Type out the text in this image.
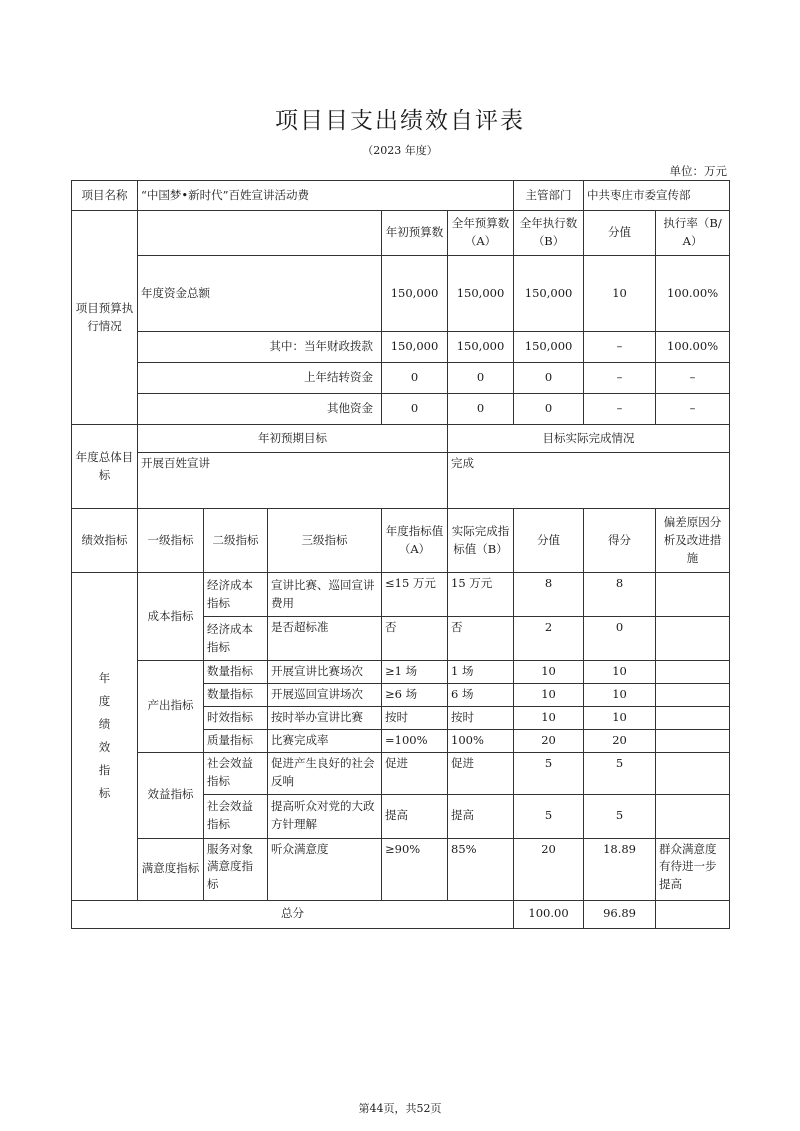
项目目支出绩效自评表
（2023 年度）
单位：万元
项目名称	“中国梦•新时代”百姓宣讲活动费					主管部门	中共枣庄市委宣传部		
项目预算执行情况				年初预算数	全年预算数（A）	全年执行数（B）	分值	执行率（B/A）	
	年度资金总额			150,000	150,000	150,000	10	100.00%	
	其中：当年财政拨款			150,000	150,000	150,000	–	100.00%	
	上年结转资金			0	0	0	–	–	
	其他资金			0	0	0	–	–	
年度总体目标	年初预期目标				目标实际完成情况				
	开展百姓宣讲				完成				
绩效指标	一级指标	二级指标	三级指标	年度指标值（A）	实际完成指标值（B）	分值	得分	偏差原因分析及改进措施	
年度绩效指标	成本指标	经济成本指标	宣讲比赛、巡回宣讲费用	≤15 万元	15 万元	8	8		
		经济成本指标	是否超标准	否	否	2	0		
	产出指标	数量指标	开展宣讲比赛场次	≥1 场	1 场	10	10		
		数量指标	开展巡回宣讲场次	≥6 场	6 场	10	10		
		时效指标	按时举办宣讲比赛	按时	按时	10	10		
		质量指标	比赛完成率	=100%	100%	20	20		
	效益指标	社会效益指标	促进产生良好的社会反响	促进	促进	5	5		
		社会效益指标	提高听众对党的大政方针理解	提高	提高	5	5		
	满意度指标	服务对象满意度指标	听众满意度	≥90%	85%	20	18.89	群众满意度有待进一步提高	
总分						100.00	96.89		
第44页，共52页
